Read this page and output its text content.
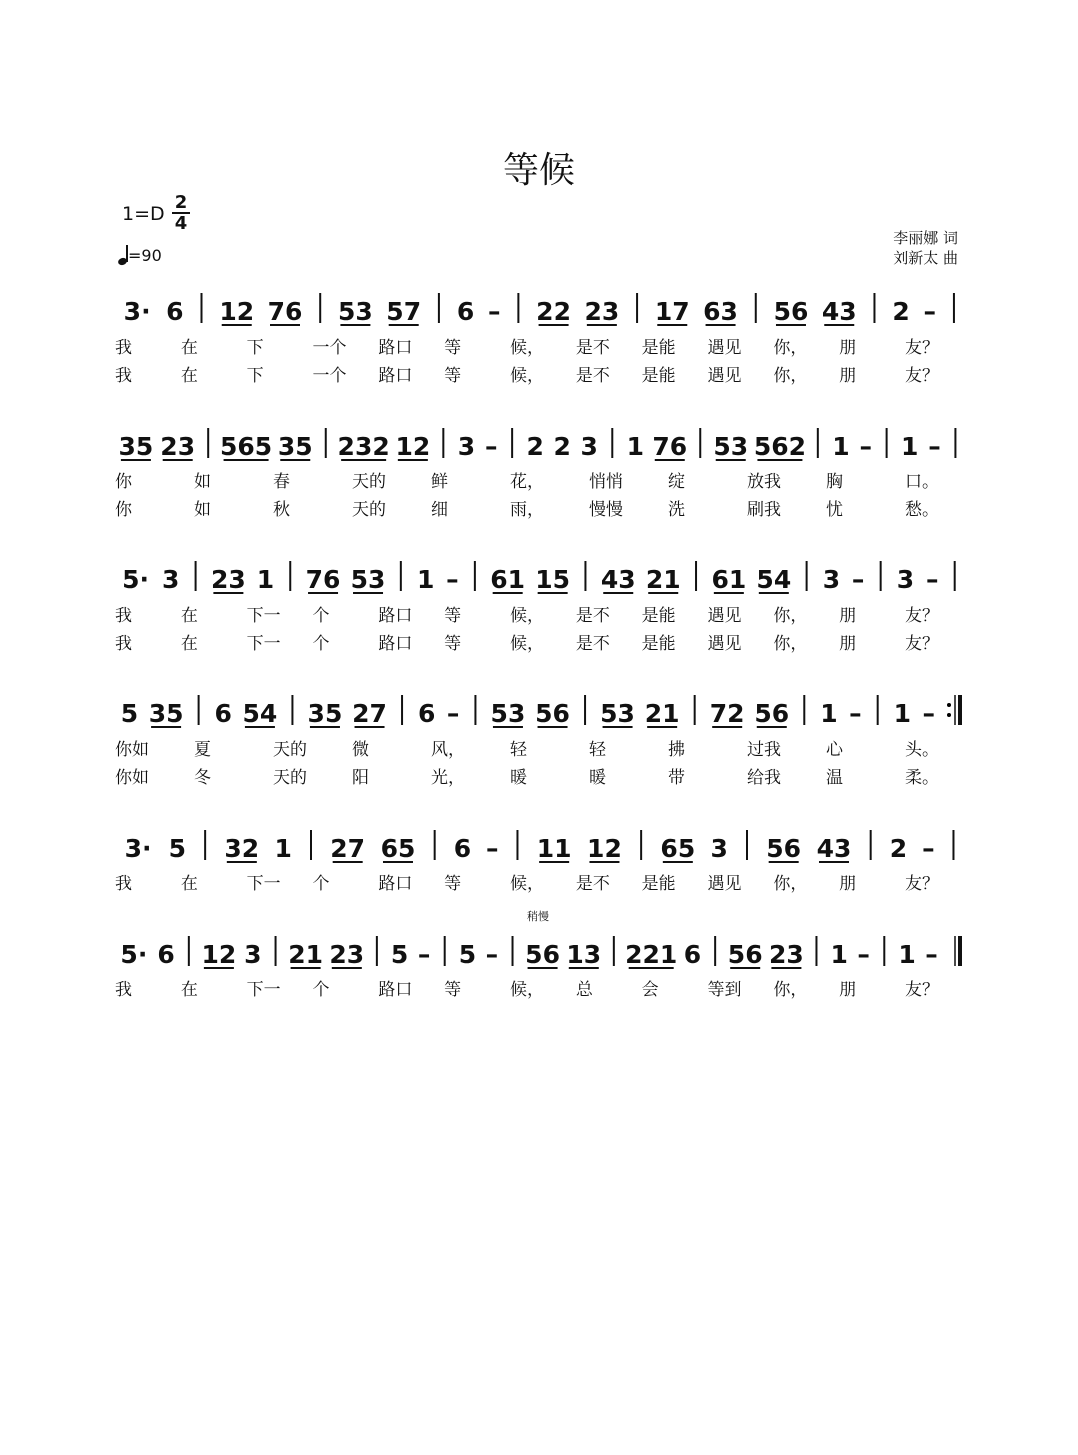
等候
1=D
2
4
=90
李丽娜 词
刘新太 曲
稍慢
3· 6 12 76 53 57 6 – 22 23 17 63 56 43 2 –
我	在	下	一个 路口 等	候， 是不 是能 遇见 你， 朋	友？
我	在	下	一个 路口 等	候， 是不 是能 遇见 你， 朋	友？
35 23 565 35 232 12 3 – 2 2 3 1 76 53 562 1 – 1 –
你	如	春	天的	鲜	花，	悄悄	绽	放我	胸	口。
你	如	秋	天的	细	雨，	慢慢	洗	刷我	忧	愁。
5· 3 23 1 76 53 1 – 61 15 43 21 61 54 3 – 3 –
我	在	下一 个	路口 等	候， 是不 是能 遇见 你， 朋	友？
我	在	下一 个	路口 等	候， 是不 是能 遇见 你， 朋	友？
5 35 6 54 35 27 6 – 53 56 53 21 72 56 1 – 1 –
你如	夏	天的	微	风，	轻	轻	拂	过我	心	头。
你如	冬	天的	阳	光，	暖	暖	带	给我	温	柔。
3· 5 32 1 27 65 6 – 11 12 65 3 56 43 2 –
我	在	下一 个	路口 等	候， 是不 是能 遇见 你， 朋	友？
5· 6 12 3 21 23 5 – 5 – 56 13 221 6 56 23 1 – 1 –
我	在	下一 个	路口 等	候， 总	会	等到 你， 朋	友？
